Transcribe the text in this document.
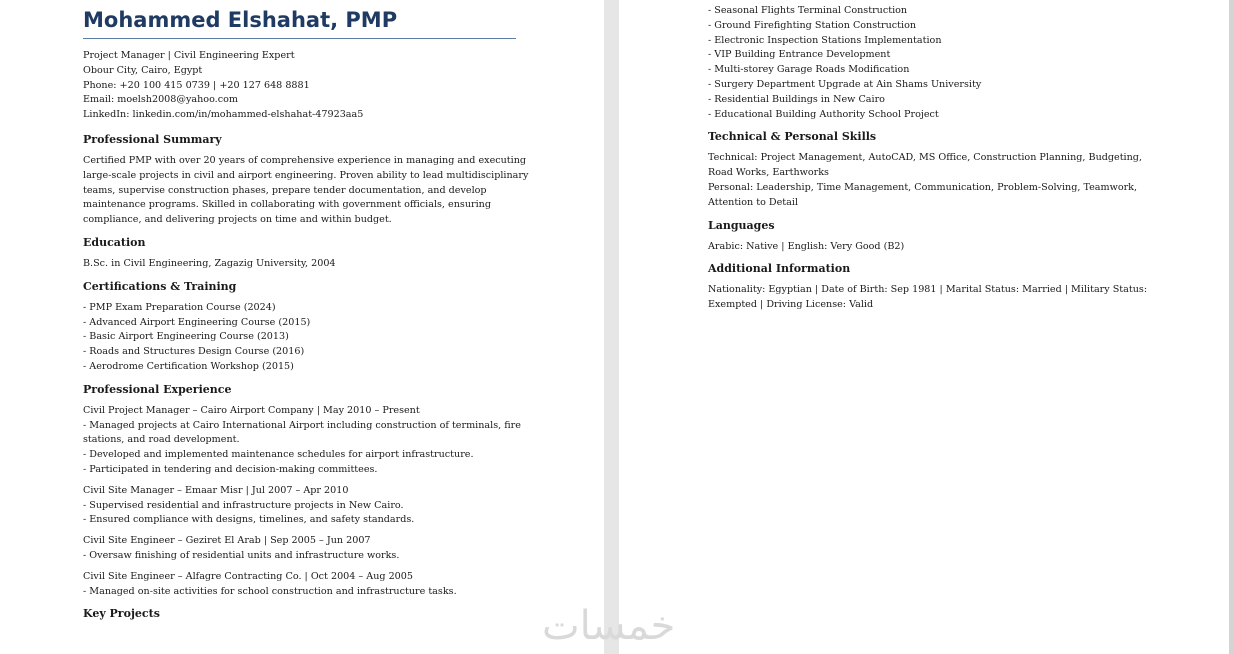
Mohammed Elshahat, PMP

Project Manager | Civil Engineering Expert

Obour City, Cairo, Egypt

Phone: +20 100 415 0739 | +20 127 648 8881

Email: moelsh2008@yahoo.com

LinkedIn: linkedin.com/in/mohammed-elshahat-47923aa5

Professional Summary

Certified PMP with over 20 years of comprehensive experience in managing and executing

large-scale projects in civil and airport engineering. Proven ability to lead multidisciplinary

teams, supervise construction phases, prepare tender documentation, and develop

maintenance programs. Skilled in collaborating with government officials, ensuring

compliance, and delivering projects on time and within budget.

Education

B.Sc. in Civil Engineering, Zagazig University, 2004

Certifications & Training

- PMP Exam Preparation Course (2024)

- Advanced Airport Engineering Course (2015)

- Basic Airport Engineering Course (2013)

- Roads and Structures Design Course (2016)

- Aerodrome Certification Workshop (2015)

Professional Experience

Civil Project Manager – Cairo Airport Company | May 2010 – Present

- Managed projects at Cairo International Airport including construction of terminals, fire

stations, and road development.

- Developed and implemented maintenance schedules for airport infrastructure.

- Participated in tendering and decision-making committees.

Civil Site Manager – Emaar Misr | Jul 2007 – Apr 2010

- Supervised residential and infrastructure projects in New Cairo.

- Ensured compliance with designs, timelines, and safety standards.

Civil Site Engineer – Geziret El Arab | Sep 2005 – Jun 2007

- Oversaw finishing of residential units and infrastructure works.

Civil Site Engineer – Alfagre Contracting Co. | Oct 2004 – Aug 2005

- Managed on-site activities for school construction and infrastructure tasks.

Key Projects

- Seasonal Flights Terminal Construction

- Ground Firefighting Station Construction

- Electronic Inspection Stations Implementation

- VIP Building Entrance Development

- Multi-storey Garage Roads Modification

- Surgery Department Upgrade at Ain Shams University

- Residential Buildings in New Cairo

- Educational Building Authority School Project

Technical & Personal Skills

Technical: Project Management, AutoCAD, MS Office, Construction Planning, Budgeting,

Road Works, Earthworks

Personal: Leadership, Time Management, Communication, Problem-Solving, Teamwork,

Attention to Detail

Languages

Arabic: Native | English: Very Good (B2)

Additional Information

Nationality: Egyptian | Date of Birth: Sep 1981 | Marital Status: Married | Military Status:

Exempted | Driving License: Valid

خمسات
